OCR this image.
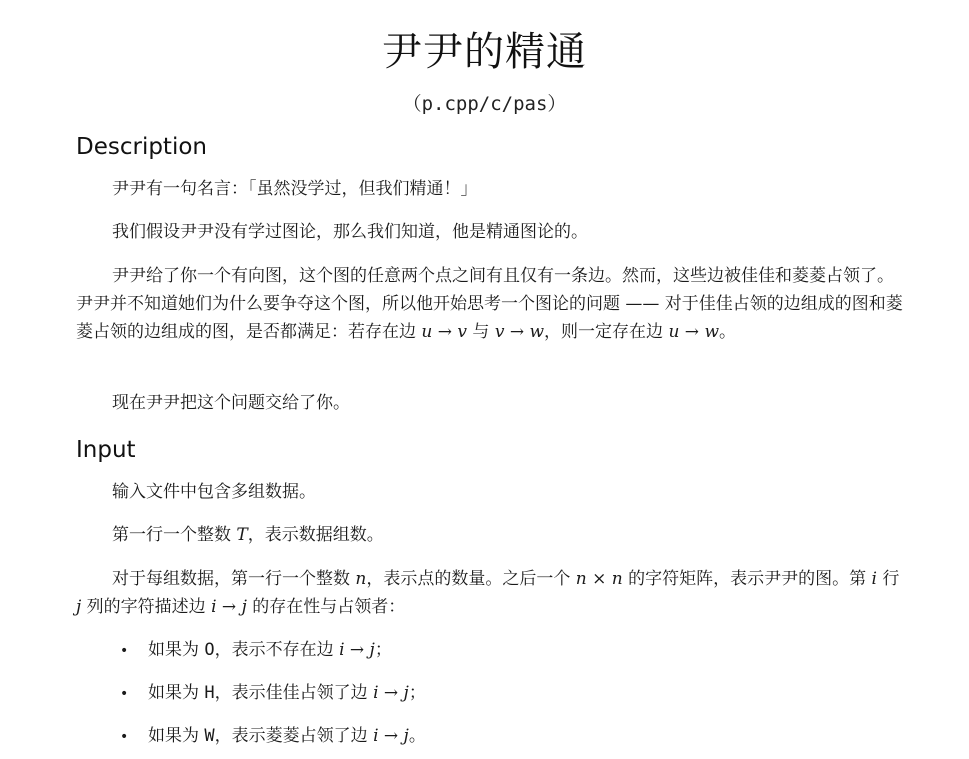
尹尹的精通
（p.cpp/c/pas）
Description
尹尹有一句名言：「虽然没学过，但我们精通！」
我们假设尹尹没有学过图论，那么我们知道，他是精通图论的。
尹尹给了你一个有向图，这个图的任意两个点之间有且仅有一条边。然而，这些边被佳佳和菱菱占领了。尹尹并不知道她们为什么要争夺这个图，所以他开始思考一个图论的问题 —— 对于佳佳占领的边组成的图和菱菱占领的边组成的图，是否都满足：若存在边 u → v 与 v → w，则一定存在边 u → w。
现在尹尹把这个问题交给了你。
Input
输入文件中包含多组数据。
第一行一个整数 T，表示数据组数。
对于每组数据，第一行一个整数 n，表示点的数量。之后一个 n × n 的字符矩阵，表示尹尹的图。第 i 行 j 列的字符描述边 i → j 的存在性与占领者：
• 如果为 O，表示不存在边 i → j；
• 如果为 H，表示佳佳占领了边 i → j；
• 如果为 W，表示菱菱占领了边 i → j。
